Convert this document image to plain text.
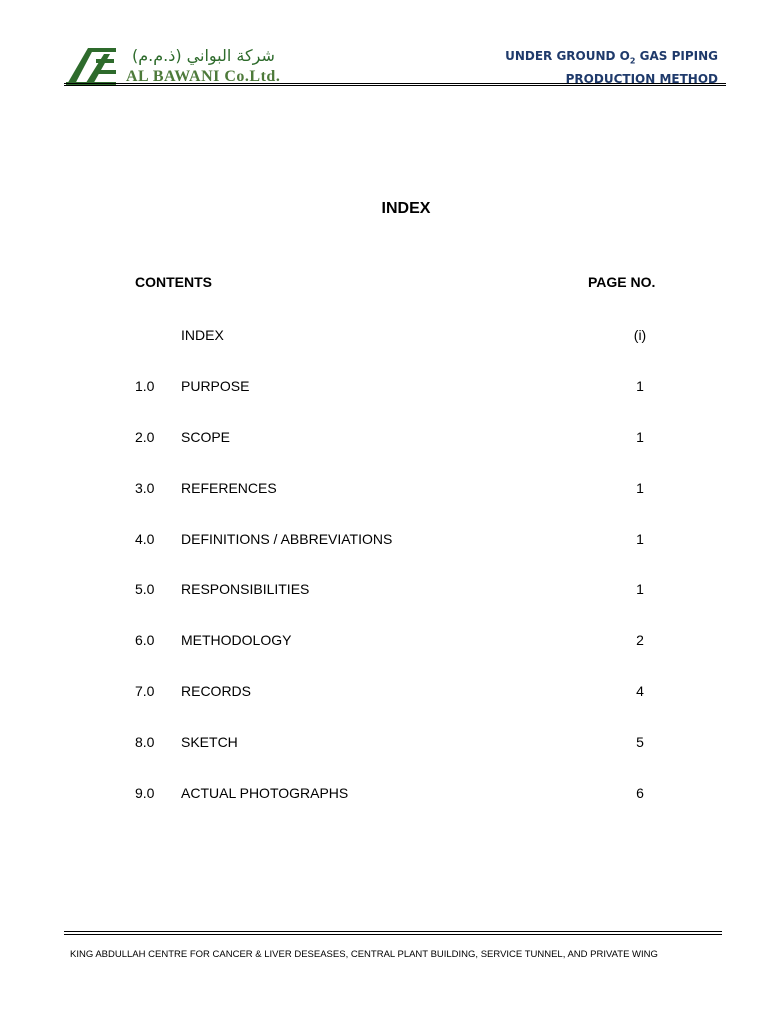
شركة البواني (ذ.م.م)
AL BAWANI Co.Ltd.
UNDER GROUND $O_2$ GAS PIPING
PRODUCTION METHOD
INDEX
CONTENTS	PAGE NO.
INDEX	(i)
1.0 PURPOSE	1
2.0 SCOPE	1
3.0 REFERENCES	1
4.0 DEFINITIONS / ABBREVIATIONS	1
5.0 RESPONSIBILITIES	1
6.0 METHODOLOGY	2
7.0 RECORDS	4
8.0 SKETCH	5
9.0 ACTUAL PHOTOGRAPHS	6
KING ABDULLAH CENTRE FOR CANCER & LIVER DESEASES, CENTRAL PLANT BUILDING, SERVICE TUNNEL, AND PRIVATE WING
